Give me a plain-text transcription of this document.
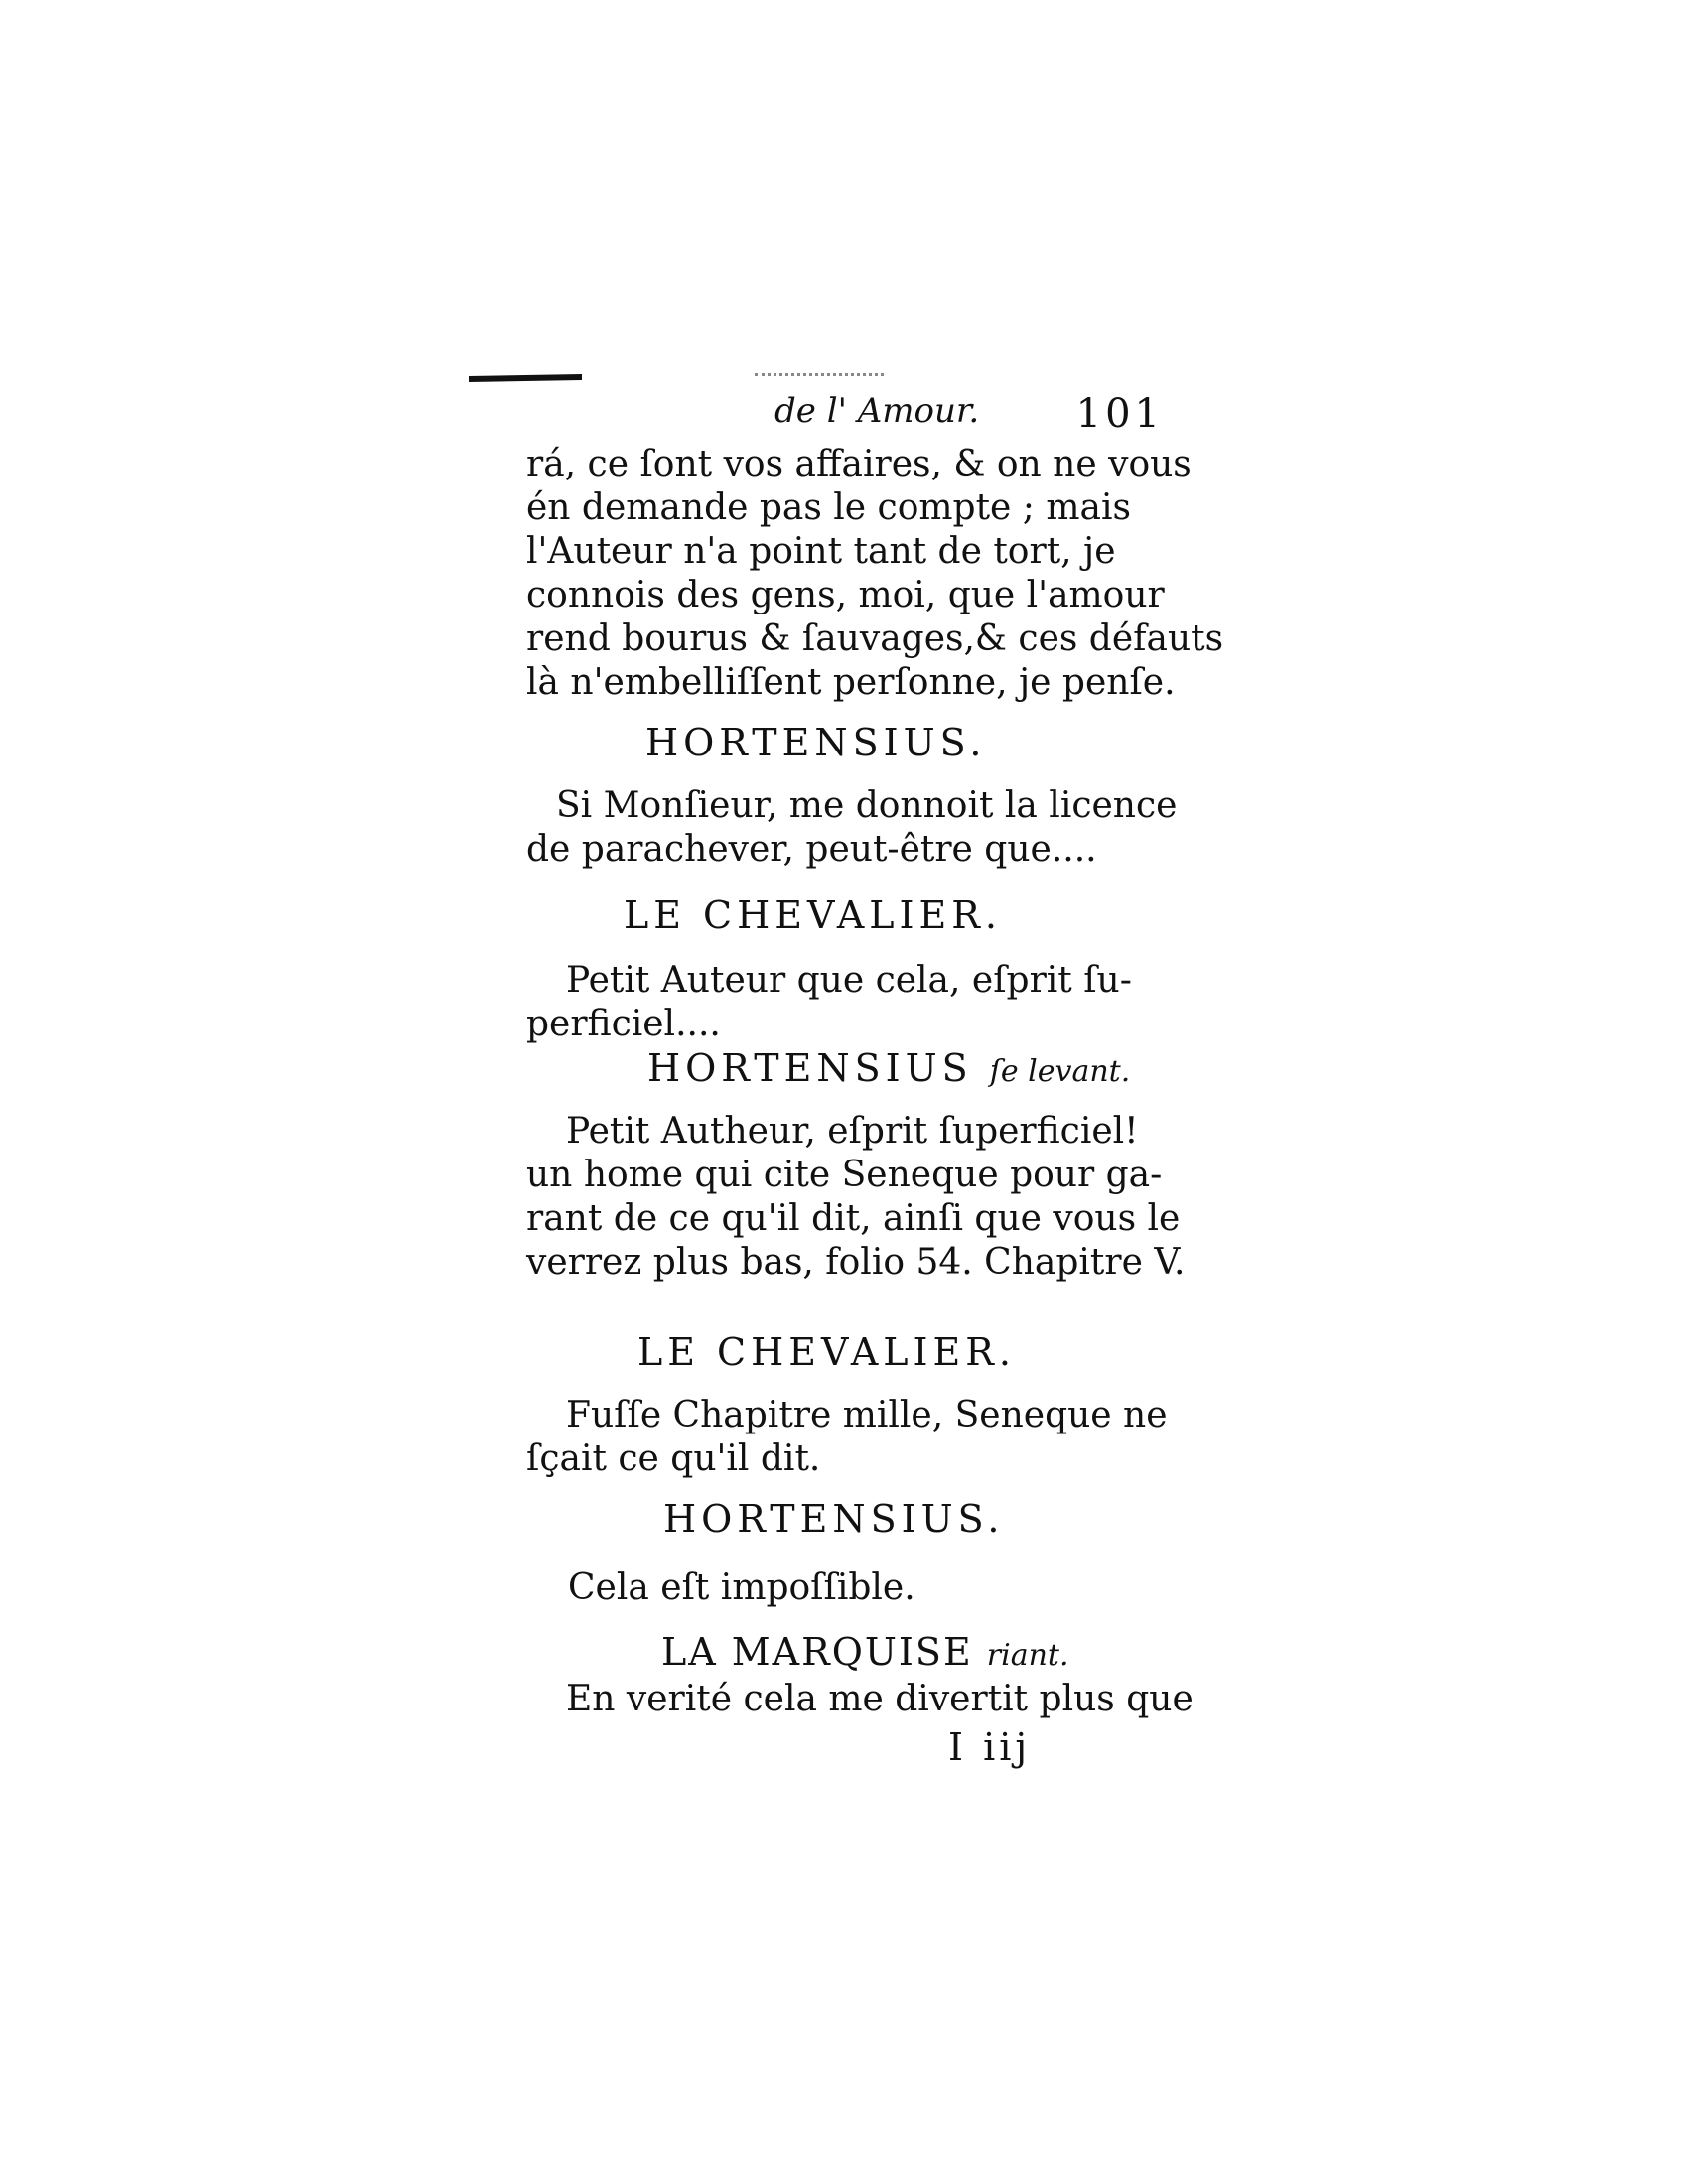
de l' Amour. 101

rá, ce ſont vos affaires, & on ne vous

én demande pas le compte ; mais

l'Auteur n'a point tant de tort, je

connois des gens, moi, que l'amour

rend bourus & ſauvages,& ces défauts

là n'embelliſſent perſonne, je penſe.

HORTENSIUS.

Si Monſieur, me donnoit la licence

de parachever, peut-être que....

LE CHEVALIER.

Petit Auteur que cela, eſprit ſu-

perficiel....

HORTENSIUS ſe levant.

Petit Autheur, eſprit ſuperficiel!

un home qui cite Seneque pour ga-

rant de ce qu'il dit, ainſi que vous le

verrez plus bas, folio 54. Chapitre V.

LE CHEVALIER.

Fuſſe Chapitre mille, Seneque ne

ſçait ce qu'il dit.

HORTENSIUS.

Cela eſt impoſſible.

LA MARQUISE riant.

En verité cela me divertit plus que

I iij
